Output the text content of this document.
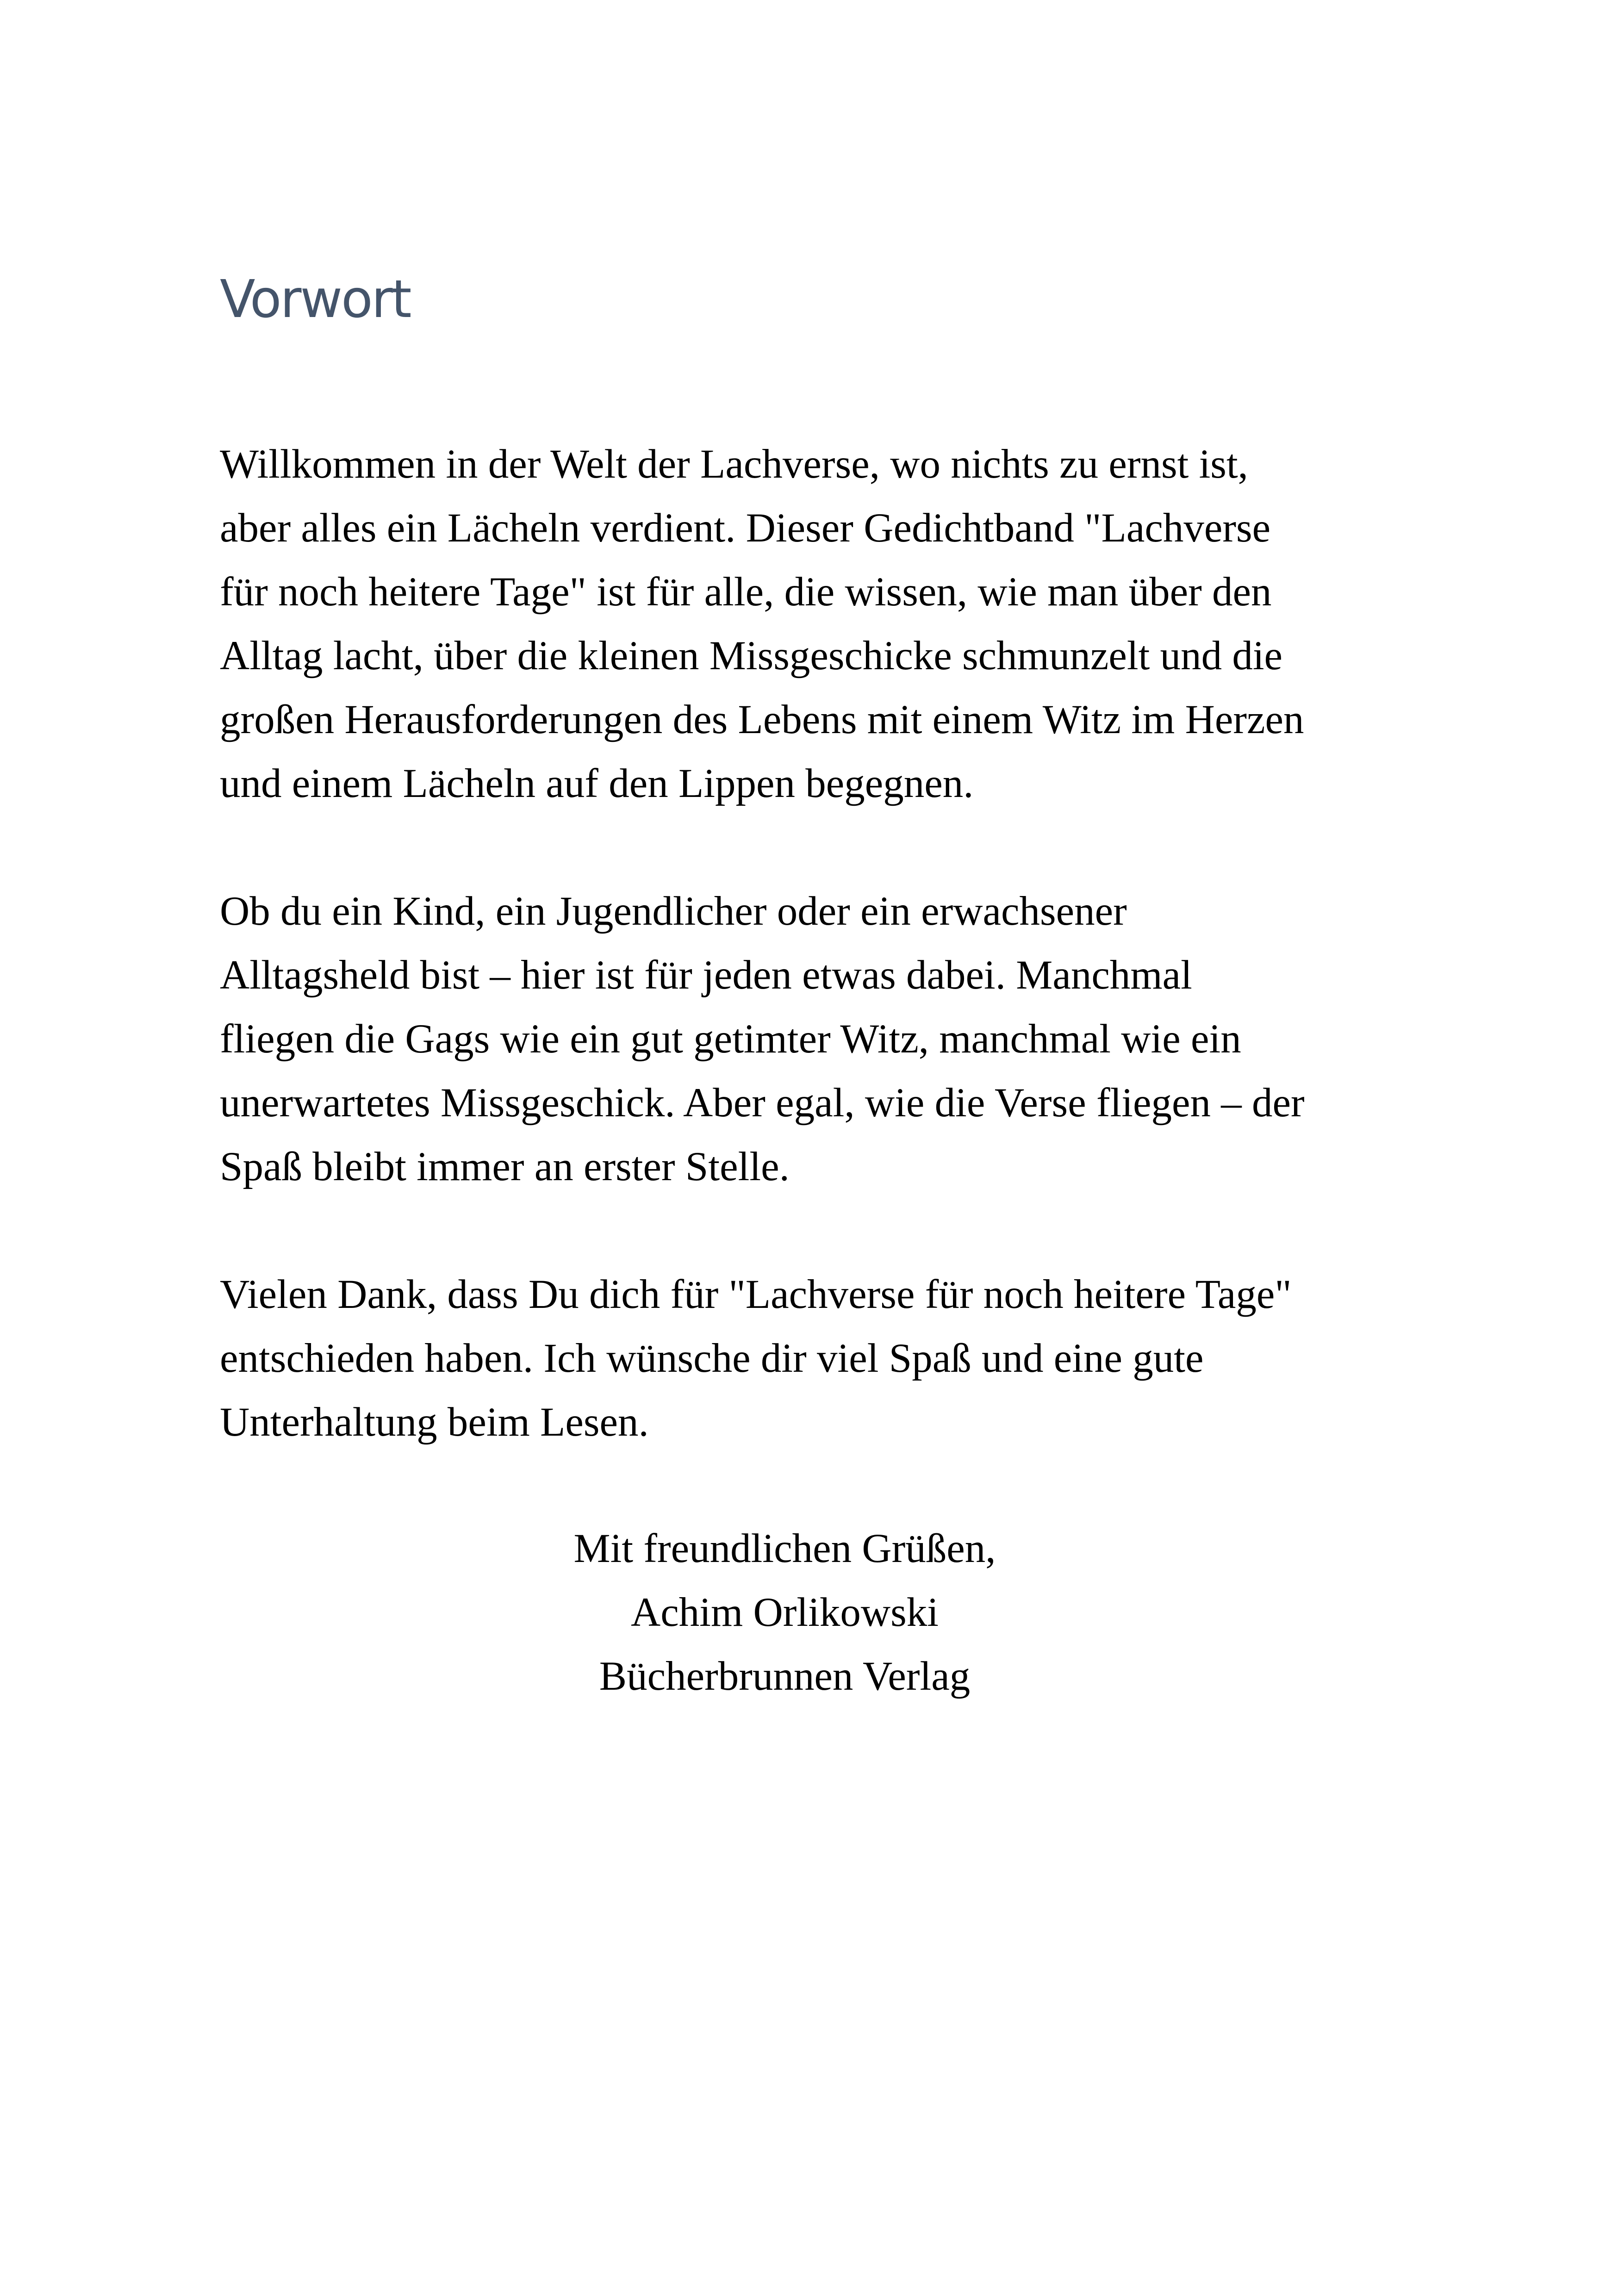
Vorwort

Willkommen in der Welt der Lachverse, wo nichts zu ernst ist,
aber alles ein Lächeln verdient. Dieser Gedichtband "Lachverse
für noch heitere Tage" ist für alle, die wissen, wie man über den
Alltag lacht, über die kleinen Missgeschicke schmunzelt und die
großen Herausforderungen des Lebens mit einem Witz im Herzen
und einem Lächeln auf den Lippen begegnen.

Ob du ein Kind, ein Jugendlicher oder ein erwachsener
Alltagsheld bist – hier ist für jeden etwas dabei. Manchmal
fliegen die Gags wie ein gut getimter Witz, manchmal wie ein
unerwartetes Missgeschick. Aber egal, wie die Verse fliegen – der
Spaß bleibt immer an erster Stelle.

Vielen Dank, dass Du dich für "Lachverse für noch heitere Tage"
entschieden haben. Ich wünsche dir viel Spaß und eine gute
Unterhaltung beim Lesen.

Mit freundlichen Grüßen,
Achim Orlikowski
Bücherbrunnen Verlag
